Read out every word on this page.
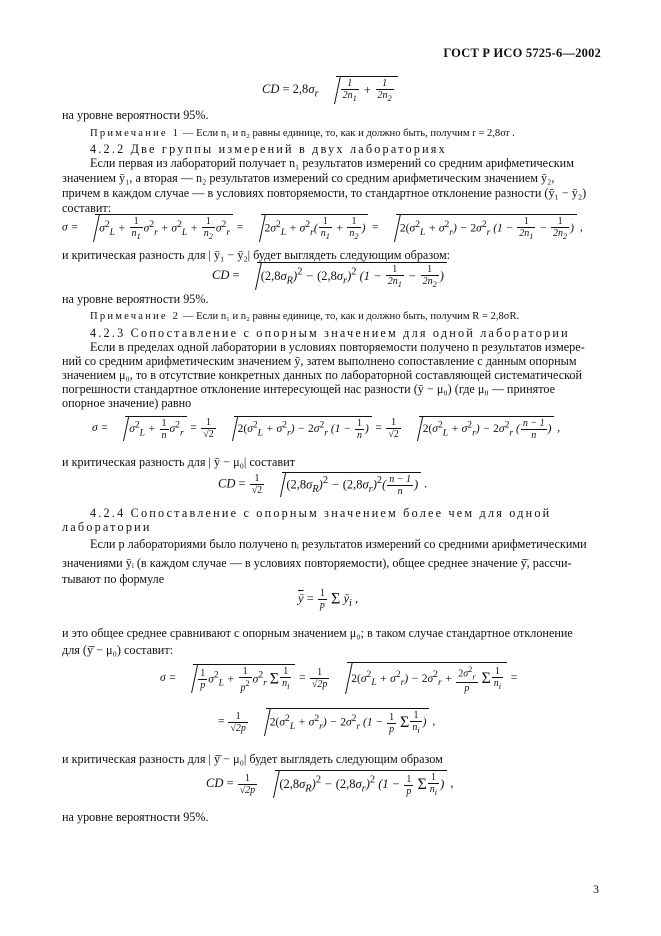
ГОСТ Р ИСО 5725-6—2002
CD = $2,8\sigma_r \frac{1}{2n_1} + \frac{1}{2n_2}$
на уровне вероятности 95%.
Примечание 1 — Если n₁ и n₂ равны единице, то, как и должно быть, получим r = 2,8σr .
4.2.2 Две группы измерений в двух лабораториях
Если первая из лабораторий получает n₁ результатов измерений со средним арифметическим
значением ȳ₁, а вторая — n₂ результатов измерений со средним арифметическим значением ȳ₂,
причем в каждом случае — в условиях повторяемости, то стандартное отклонение разности (ȳ₁ − ȳ₂)
составит:
$\sigma = \sigma^2_L + \frac{1}{n_1} \sigma^2_r + \sigma^2_L + \frac{1}{n_2} \sigma^2_r = 2\sigma^2_L + \sigma^2_r( \frac{1}{n_1} + \frac{1}{n_2}$ ) = $2(\sigma^2_L + \sigma^2_r) - 2\sigma^2_r$ ($1 - \frac{1}{2n_1} - \frac{1}{2n_2}$ ) ,
и критическая разность для | ȳ₁ − ȳ₂| будет выглядеть следующим образом:
CD = $(2,8\sigma_R)^2 - (2,8\sigma_r)^2$ ($1 - \frac{1}{2n_1} - \frac{1}{2n_2}$ )
на уровне вероятности 95%.
Примечание 2 — Если n₁ и n₂ равны единице, то, как и должно быть, получим R = 2,8σR.
4.2.3 Сопоставление с опорным значением для одной лаборатории
Если в пределах одной лаборатории в условиях повторяемости получено n результатов измере-
ний со средним арифметическим значением ȳ, затем выполнено сопоставление с данным опорным
значением μ₀, то в отсутствие конкретных данных по лабораторной составляющей систематической
погрешности стандартное отклонение интересующей нас разности (ȳ − μ₀) (где μ₀ — принятое
опорное значение) равно
$\sigma = \sigma^2_L + \frac{1}{n} \sigma^2_r = \frac{1}{√2} 2(\sigma^2_L + \sigma^2_r) - 2\sigma^2_r$ ($1 - \frac{1}{n}$ ) = $\frac{1}{√2} 2(\sigma^2_L + \sigma^2_r) - 2\sigma^2_r$ ( $\frac{n - 1}{n}$ ) ,
и критическая разность для | ȳ − μ₀| составит
CD = $\frac{1}{√2} (2,8\sigma_R)^2 - (2,8\sigma_r)^2( \frac{n - 1}{n}$ ) .
4.2.4 Сопоставление с опорным значением более чем для одной
лаборатории
Если p лабораториями было получено nᵢ результатов измерений со средними арифметическими
значениями ȳᵢ (в каждом случае — в условиях повторяемости), общее среднее значение ȳ̄, рассчи-
тывают по формуле
$\overline{ȳ} = \frac{1}{p}$ Σ $ȳ_i$ ,
и это общее среднее сравнивают с опорным значением μ₀; в таком случае стандартное отклонение
для (ȳ̄ − μ₀) составит:
$\sigma = \frac{1}{p} \sigma^2_L + \frac{1}{p^2} \sigma^2_r$ Σ $\frac{1}{n_i} = \frac{1}{√2p} 2(\sigma^2_L + \sigma^2_r) - 2\sigma^2_r + \frac{2\sigma^2_r}{p}$ Σ $\frac{1}{n_i}$ =
= $\frac{1}{√2p} 2(\sigma^2_L + \sigma^2_r) - 2\sigma^2_r$ ($1 - \frac{1}{p}$ Σ $\frac{1}{n_i}$ ) ,
и критическая разность для | ȳ̄ − μ₀| будет выглядеть следующим образом
CD = $\frac{1}{√2p} (2,8\sigma_R)^2 - (2,8\sigma_r)^2$ ($1 - \frac{1}{p}$ Σ $\frac{1}{n_i}$ ) ,
на уровне вероятности 95%.
3
